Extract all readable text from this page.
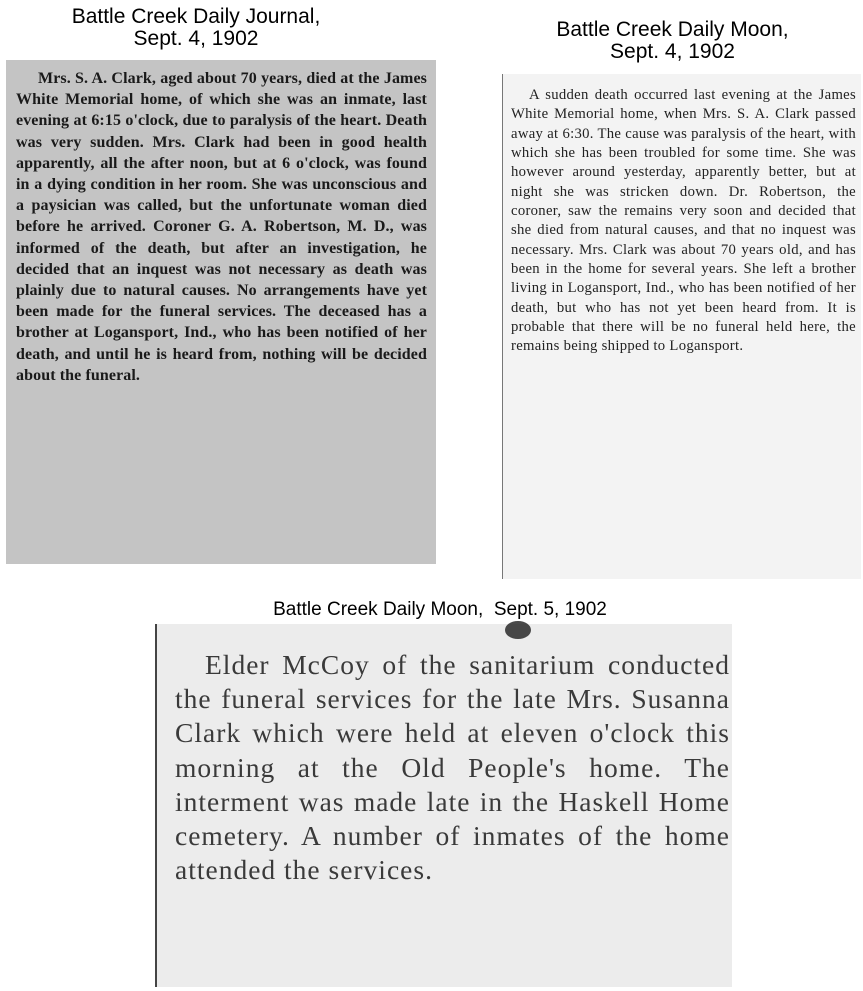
Battle Creek Daily Journal,
Sept. 4, 1902	Battle Creek Daily Moon,
Sept. 4, 1902
Battle Creek Daily Moon,  Sept. 5, 1902

Mrs. S. A. Clark, aged about 70 years, died at the James White Memorial home, of which she was an inmate, last evening at 6:15 o'clock, due to paralysis of the heart. Death was very sudden. Mrs. Clark had been in good health apparently, all the after noon, but at 6 o'clock, was found in a dying condition in her room. She was unconscious and a paysician was called, but the unfortunate woman died before he arrived. Coroner G. A. Robertson, M. D., was informed of the death, but after an investigation, he decided that an inquest was not necessary as death was plainly due to natural causes. No arrangements have yet been made for the funeral services. The deceased has a brother at Logansport, Ind., who has been notified of her death, and until he is heard from, nothing will be decided about the funeral.

A sudden death occurred last evening at the James White Memorial home, when Mrs. S. A. Clark passed away at 6:30. The cause was paralysis of the heart, with which she has been troubled for some time. She was however around yesterday, apparently better, but at night she was stricken down. Dr. Robertson, the coroner, saw the remains very soon and decided that she died from natural causes, and that no inquest was necessary. Mrs. Clark was about 70 years old, and has been in the home for several years. She left a brother living in Logansport, Ind., who has been notified of her death, but who has not yet been heard from. It is probable that there will be no funeral held here, the remains being shipped to Logansport.

Elder McCoy of the sanitarium conducted the funeral services for the late Mrs. Susanna Clark which were held at eleven o'clock this morning at the Old People's home. The interment was made late in the Haskell Home cemetery. A number of inmates of the home attended the services.
